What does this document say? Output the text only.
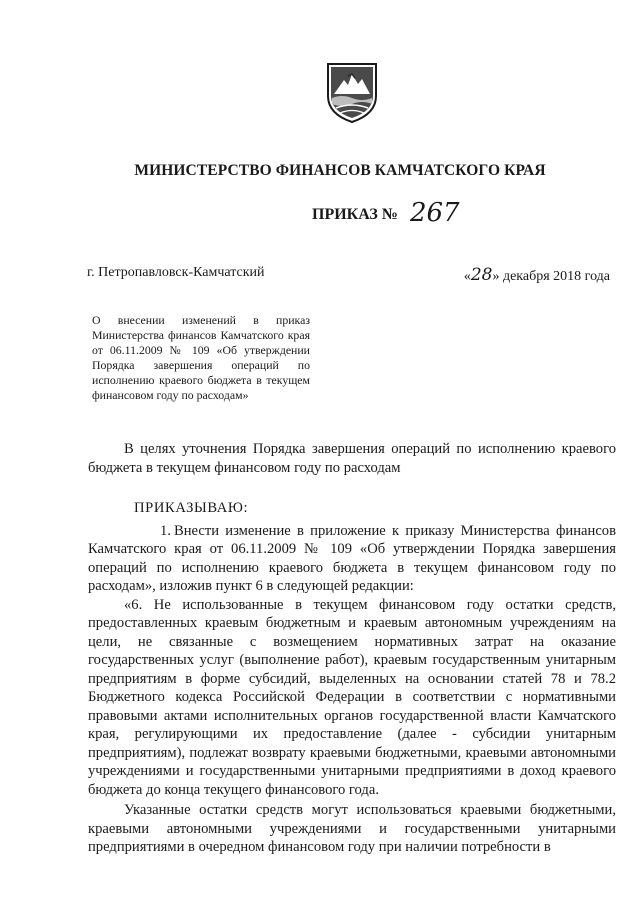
МИНИСТЕРСТВО ФИНАНСОВ КАМЧАТСКОГО КРАЯ
ПРИКАЗ № 267
г. Петропавловск-Камчатский	«28» декабря 2018 года
О внесении изменений в приказ Министерства финансов Камчатского края от 06.11.2009 № 109 «Об утверждении Порядка завершения операций по исполнению краевого бюджета в текущем финансовом году по расходам»

В целях уточнения Порядка завершения операций по исполнению краевого бюджета в текущем финансовом году по расходам

ПРИКАЗЫВАЮ:

1. Внести изменение в приложение к приказу Министерства финансов Камчатского края от 06.11.2009 № 109 «Об утверждении Порядка завершения операций по исполнению краевого бюджета в текущем финансовом году по расходам», изложив пункт 6 в следующей редакции:

«6. Не использованные в текущем финансовом году остатки средств, предоставленных краевым бюджетным и краевым автономным учреждениям на цели, не связанные с возмещением нормативных затрат на оказание государственных услуг (выполнение работ), краевым государственным унитарным предприятиям в форме субсидий, выделенных на основании статей 78 и 78.2 Бюджетного кодекса Российской Федерации в соответствии с нормативными правовыми актами исполнительных органов государственной власти Камчатского края, регулирующими их предоставление (далее - субсидии унитарным предприятиям), подлежат возврату краевыми бюджетными, краевыми автономными учреждениями и государственными унитарными предприятиями в доход краевого бюджета до конца текущего финансового года.

Указанные остатки средств могут использоваться краевыми бюджетными, краевыми автономными учреждениями и государственными унитарными предприятиями в очередном финансовом году при наличии потребности в
